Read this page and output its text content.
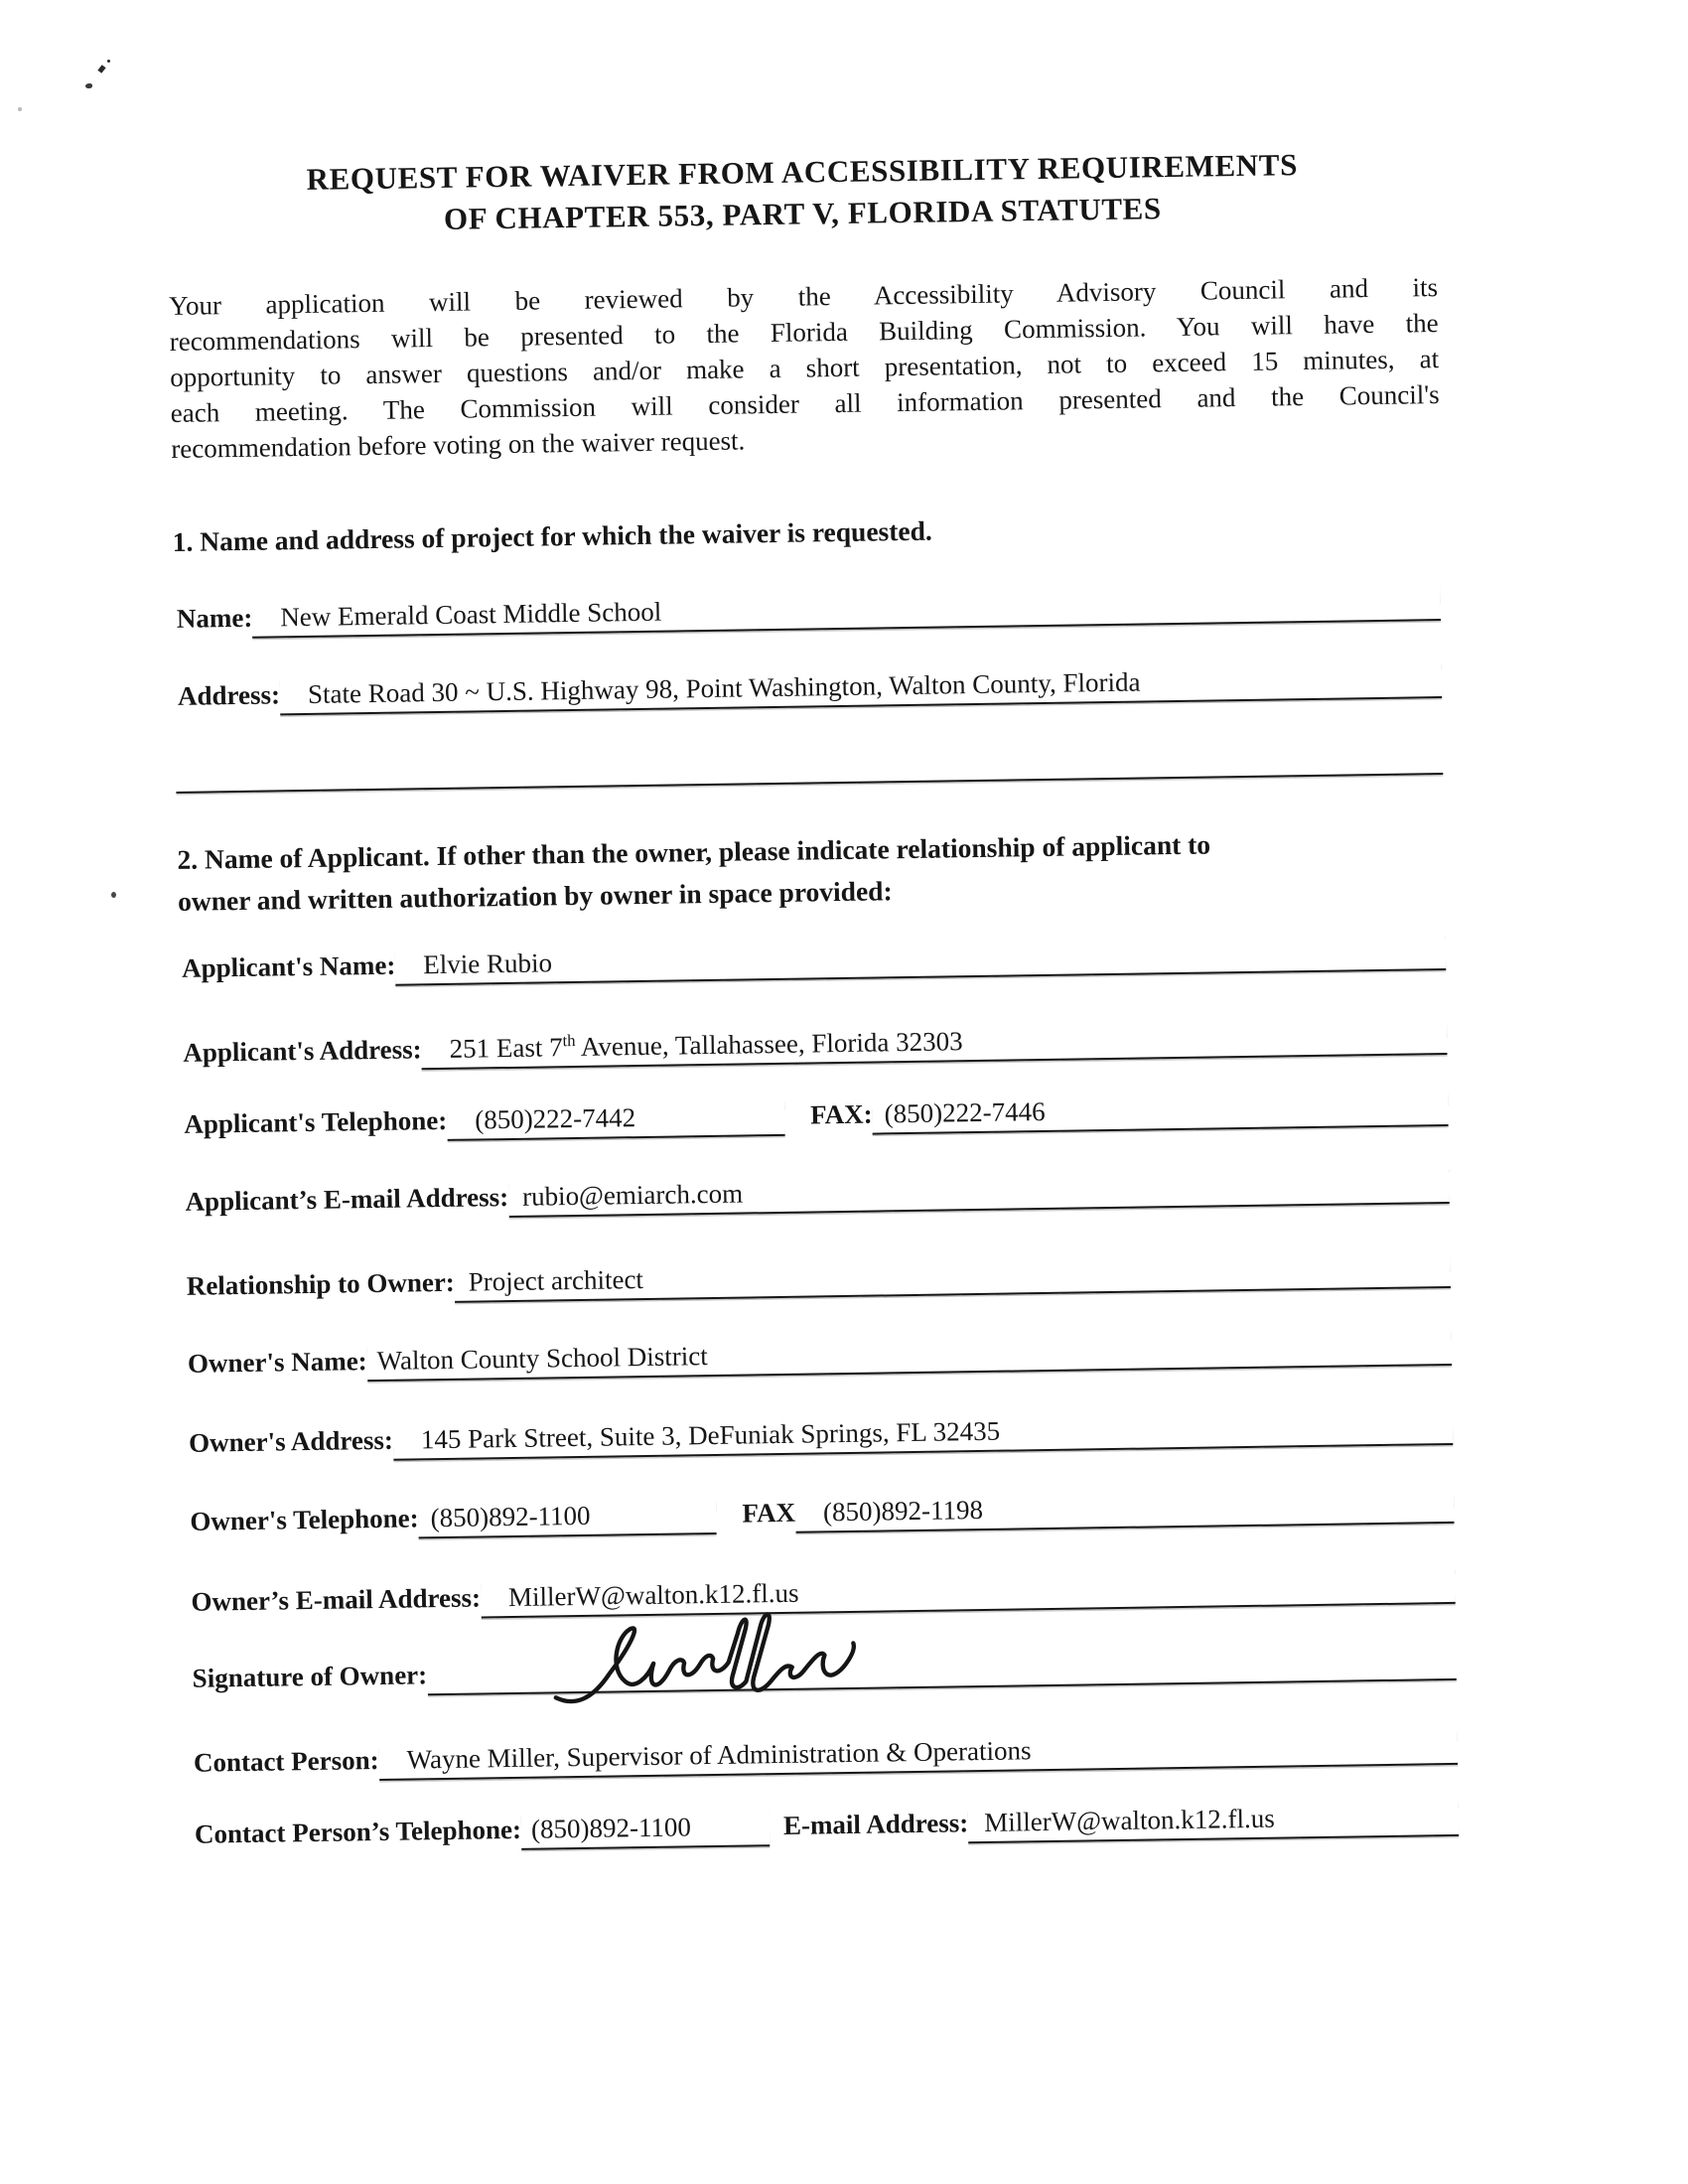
REQUEST FOR WAIVER FROM ACCESSIBILITY REQUIREMENTS
OF CHAPTER 553, PART V, FLORIDA STATUTES
Your application will be reviewed by the Accessibility Advisory Council and its
recommendations will be presented to the Florida Building Commission. You will have the
opportunity to answer questions and/or make a short presentation, not to exceed 15 minutes, at
each meeting. The Commission will consider all information presented and the Council's
recommendation before voting on the waiver request.
1. Name and address of project for which the waiver is requested.
Name:	New Emerald Coast Middle School
Address:	State Road 30 ~ U.S. Highway 98, Point Washington, Walton County, Florida
2. Name of Applicant. If other than the owner, please indicate relationship of applicant to
owner and written authorization by owner in space provided:
Applicant's Name:	Elvie Rubio
Applicant's Address:	251 East 7th Avenue, Tallahassee, Florida 32303
Applicant's Telephone:	(850)222-7442	FAX: (850)222-7446
Applicant’s E-mail Address: rubio@emiarch.com
Relationship to Owner: Project architect
Owner's Name: Walton County School District
Owner's Address:	145 Park Street, Suite 3, DeFuniak Springs, FL 32435
Owner's Telephone: (850)892-1100	FAX	(850)892-1198
Owner’s E-mail Address:	MillerW@walton.k12.fl.us
Signature of Owner:
Contact Person:	Wayne Miller, Supervisor of Administration & Operations
Contact Person’s Telephone: (850)892-1100	E-mail Address: MillerW@walton.k12.fl.us
